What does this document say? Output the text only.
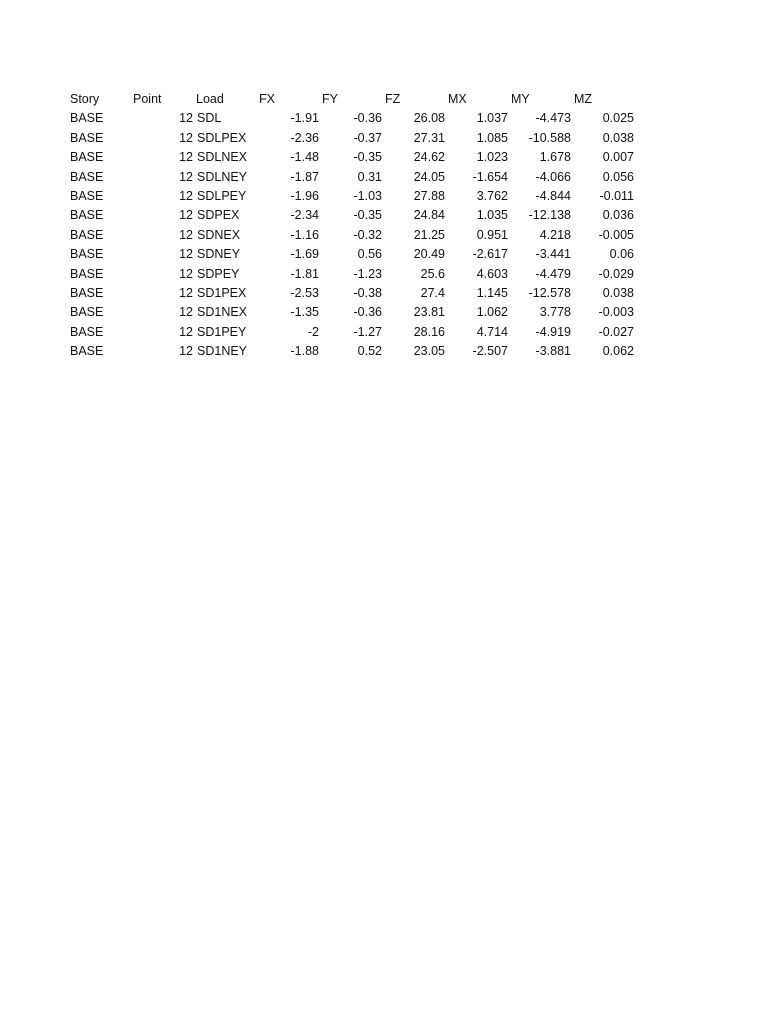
Story	Point	Load	FX	FY	FZ	MX	MY	MZ
BASE	12	SDL	-1.91	-0.36	26.08	1.037	-4.473	0.025
BASE	12	SDLPEX	-2.36	-0.37	27.31	1.085	-10.588	0.038
BASE	12	SDLNEX	-1.48	-0.35	24.62	1.023	1.678	0.007
BASE	12	SDLNEY	-1.87	0.31	24.05	-1.654	-4.066	0.056
BASE	12	SDLPEY	-1.96	-1.03	27.88	3.762	-4.844	-0.011
BASE	12	SDPEX	-2.34	-0.35	24.84	1.035	-12.138	0.036
BASE	12	SDNEX	-1.16	-0.32	21.25	0.951	4.218	-0.005
BASE	12	SDNEY	-1.69	0.56	20.49	-2.617	-3.441	0.06
BASE	12	SDPEY	-1.81	-1.23	25.6	4.603	-4.479	-0.029
BASE	12	SD1PEX	-2.53	-0.38	27.4	1.145	-12.578	0.038
BASE	12	SD1NEX	-1.35	-0.36	23.81	1.062	3.778	-0.003
BASE	12	SD1PEY	-2	-1.27	28.16	4.714	-4.919	-0.027
BASE	12	SD1NEY	-1.88	0.52	23.05	-2.507	-3.881	0.062
